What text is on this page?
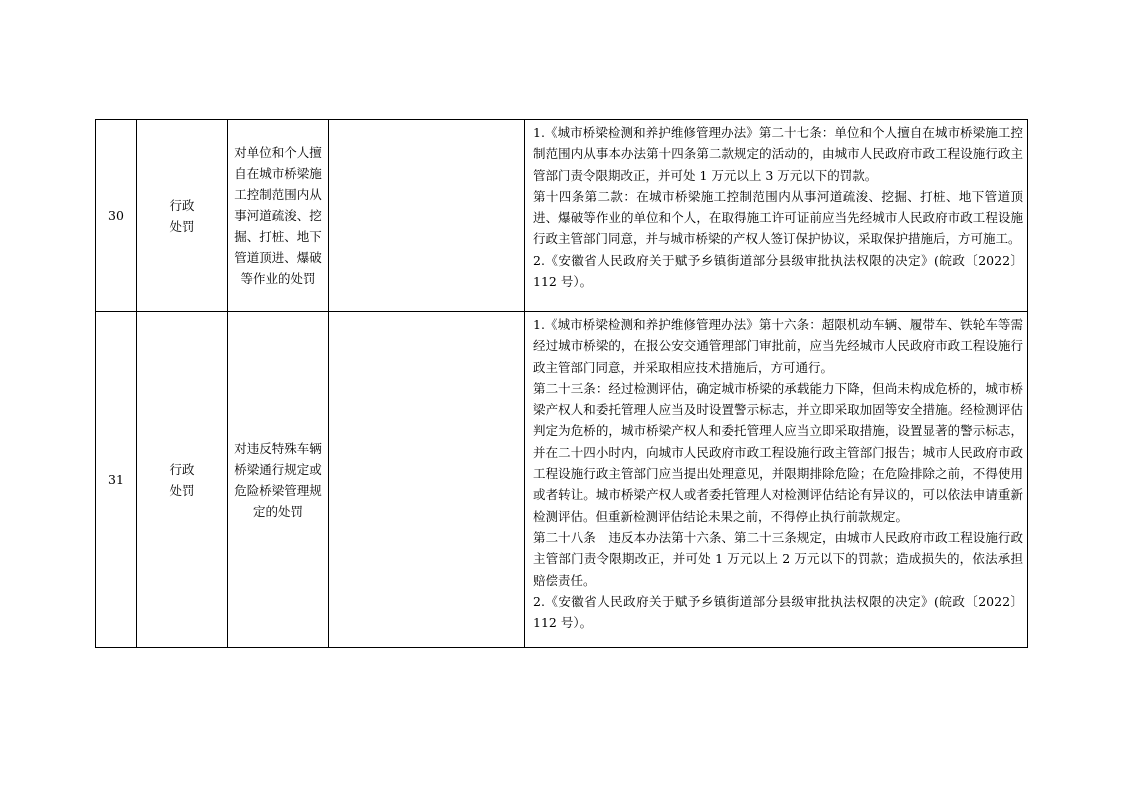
30	行政处罚	对单位和个人擅自在城市桥梁施工控制范围内从事河道疏浚、挖掘、打桩、地下管道顶进、爆破等作业的处罚		1.《城市桥梁检测和养护维修管理办法》第二十七条：单位和个人擅自在城市桥梁施工控制范围内从事本办法第十四条第二款规定的活动的，由城市人民政府市政工程设施行政主管部门责令限期改正，并可处 1 万元以上 3 万元以下的罚款。
第十四条第二款：在城市桥梁施工控制范围内从事河道疏浚、挖掘、打桩、地下管道顶进、爆破等作业的单位和个人，在取得施工许可证前应当先经城市人民政府市政工程设施行政主管部门同意，并与城市桥梁的产权人签订保护协议，采取保护措施后，方可施工。
2.《安徽省人民政府关于赋予乡镇街道部分县级审批执法权限的决定》(皖政〔2022〕112 号）。

31	行政处罚	对违反特殊车辆桥梁通行规定或危险桥梁管理规定的处罚		1.《城市桥梁检测和养护维修管理办法》第十六条：超限机动车辆、履带车、铁轮车等需经过城市桥梁的，在报公安交通管理部门审批前，应当先经城市人民政府市政工程设施行政主管部门同意，并采取相应技术措施后，方可通行。
第二十三条：经过检测评估，确定城市桥梁的承载能力下降，但尚未构成危桥的，城市桥梁产权人和委托管理人应当及时设置警示标志，并立即采取加固等安全措施。经检测评估判定为危桥的，城市桥梁产权人和委托管理人应当立即采取措施，设置显著的警示标志，并在二十四小时内，向城市人民政府市政工程设施行政主管部门报告；城市人民政府市政工程设施行政主管部门应当提出处理意见，并限期排除危险；在危险排除之前，不得使用或者转让。城市桥梁产权人或者委托管理人对检测评估结论有异议的，可以依法申请重新检测评估。但重新检测评估结论未果之前，不得停止执行前款规定。
第二十八条　违反本办法第十六条、第二十三条规定，由城市人民政府市政工程设施行政主管部门责令限期改正，并可处 1 万元以上 2 万元以下的罚款；造成损失的，依法承担赔偿责任。
2.《安徽省人民政府关于赋予乡镇街道部分县级审批执法权限的决定》(皖政〔2022〕112 号）。
